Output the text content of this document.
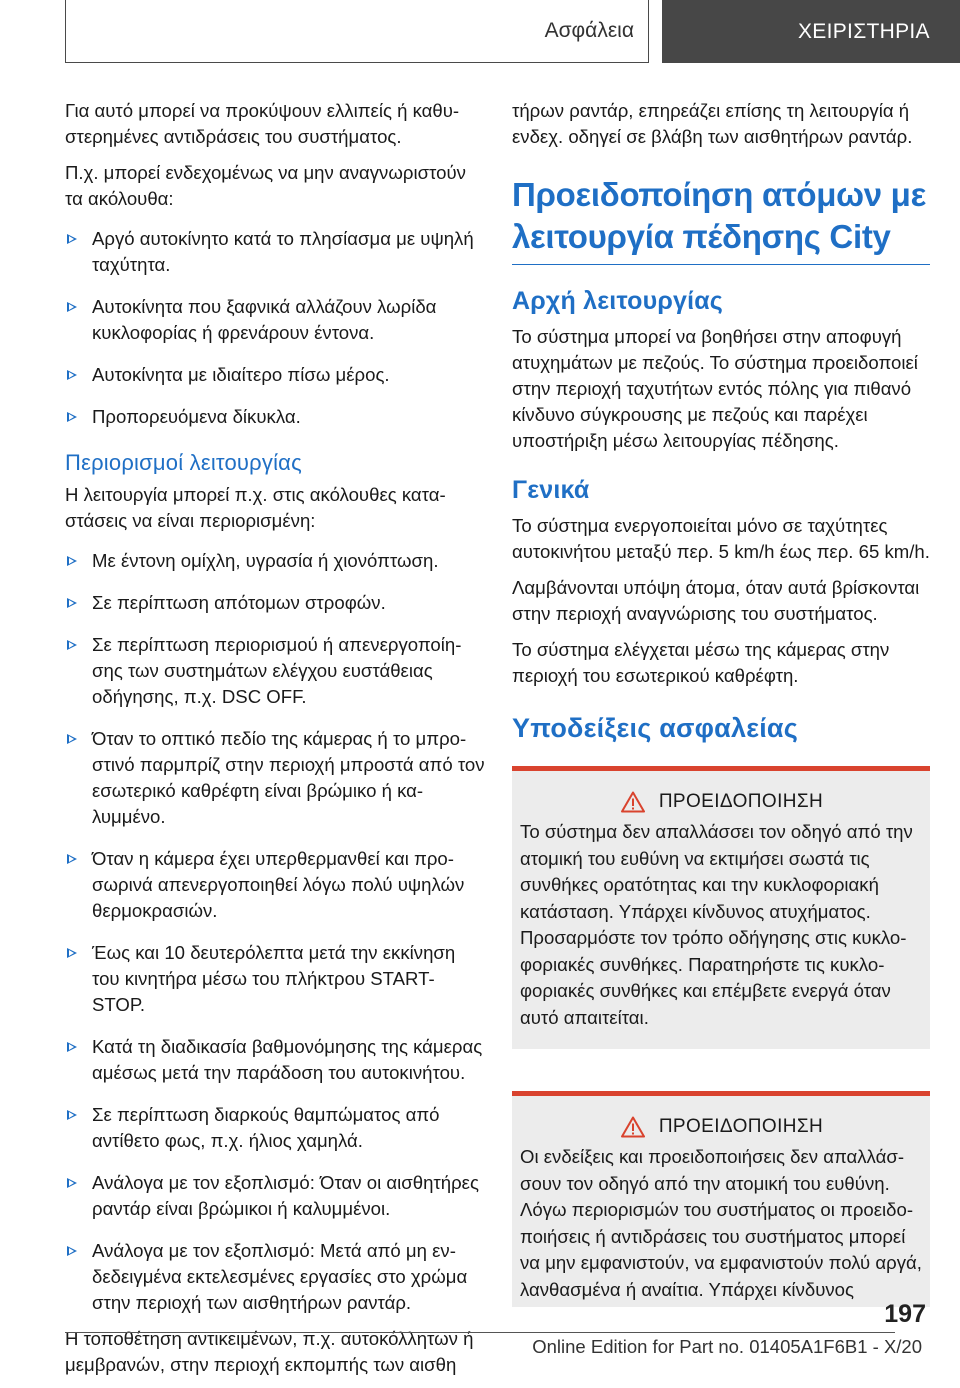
Ασφάλεια	ΧΕΙΡΙΣΤΗΡΙΑ

Για αυτό μπορεί να προκύψουν ελλιπείς ή καθυστερημένες αντιδράσεις του συστήματος.

Π.χ. μπορεί ενδεχομένως να μην αναγνωριστούν τα ακόλουθα:

Αργό αυτοκίνητο κατά το πλησίασμα με υψηλή ταχύτητα.
Αυτοκίνητα που ξαφνικά αλλάζουν λωρίδα κυκλοφορίας ή φρενάρουν έντονα.
Αυτοκίνητα με ιδιαίτερο πίσω μέρος.
Προπορευόμενα δίκυκλα.
Περιορισμοί λειτουργίας

Η λειτουργία μπορεί π.χ. στις ακόλουθες καταστάσεις να είναι περιορισμένη:

Με έντονη ομίχλη, υγρασία ή χιονόπτωση.
Σε περίπτωση απότομων στροφών.
Σε περίπτωση περιορισμού ή απενεργοποίησης των συστημάτων ελέγχου ευστάθειας οδήγησης, π.χ. DSC OFF.
Όταν το οπτικό πεδίο της κάμερας ή το μπροστινό παρμπρίζ στην περιοχή μπροστά από τον εσωτερικό καθρέφτη είναι βρώμικο ή καλυμμένο.
Όταν η κάμερα έχει υπερθερμανθεί και προσωρινά απενεργοποιηθεί λόγω πολύ υψηλών θερμοκρασιών.
Έως και 10 δευτερόλεπτα μετά την εκκίνηση του κινητήρα μέσω του πλήκτρου START-STOP.
Κατά τη διαδικασία βαθμονόμησης της κάμερας αμέσως μετά την παράδοση του αυτοκινήτου.
Σε περίπτωση διαρκούς θαμπώματος από αντίθετο φως, π.χ. ήλιος χαμηλά.
Ανάλογα με τον εξοπλισμό: Όταν οι αισθητήρες ραντάρ είναι βρώμικοι ή καλυμμένοι.
Ανάλογα με τον εξοπλισμό: Μετά από μη ενδεδειγμένα εκτελεσμένες εργασίες στο χρώμα στην περιοχή των αισθητήρων ραντάρ.

Η τοποθέτηση αντικειμένων, π.χ. αυτοκόλλητων ή μεμβρανών, στην περιοχή εκπομπής των αισθη

τήρων ραντάρ, επηρεάζει επίσης τη λειτουργία ή ενδεχ. οδηγεί σε βλάβη των αισθητήρων ραντάρ.

Προειδοποίηση ατόμων με λειτουργία πέδησης City
Αρχή λειτουργίας

Το σύστημα μπορεί να βοηθήσει στην αποφυγή ατυχημάτων με πεζούς. Το σύστημα προειδοποιεί στην περιοχή ταχυτήτων εντός πόλης για πιθανό κίνδυνο σύγκρουσης με πεζούς και παρέχει υποστήριξη μέσω λειτουργίας πέδησης.

Γενικά

Το σύστημα ενεργοποιείται μόνο σε ταχύτητες αυτοκινήτου μεταξύ περ. 5 km/h έως περ. 65 km/h.

Λαμβάνονται υπόψη άτομα, όταν αυτά βρίσκονται στην περιοχή αναγνώρισης του συστήματος.

Το σύστημα ελέγχεται μέσω της κάμερας στην περιοχή του εσωτερικού καθρέφτη.

Υποδείξεις ασφαλείας
ΠΡΟΕΙΔΟΠΟΙΗΣΗ

Το σύστημα δεν απαλλάσσει τον οδηγό από την ατομική του ευθύνη να εκτιμήσει σωστά τις συνθήκες ορατότητας και την κυκλοφοριακή κατάσταση. Υπάρχει κίνδυνος ατυχήματος. Προσαρμόστε τον τρόπο οδήγησης στις κυκλοφοριακές συνθήκες. Παρατηρήστε τις κυκλοφοριακές συνθήκες και επέμβετε ενεργά όταν αυτό απαιτείται.

ΠΡΟΕΙΔΟΠΟΙΗΣΗ

Οι ενδείξεις και προειδοποιήσεις δεν απαλλάσσουν τον οδηγό από την ατομική του ευθύνη. Λόγω περιορισμών του συστήματος οι προειδοποιήσεις ή αντιδράσεις του συστήματος μπορεί να μην εμφανιστούν, να εμφανιστούν πολύ αργά, λανθασμένα ή αναίτια. Υπάρχει κίνδυνος

197
Online Edition for Part no. 01405A1F6B1 - X/20
